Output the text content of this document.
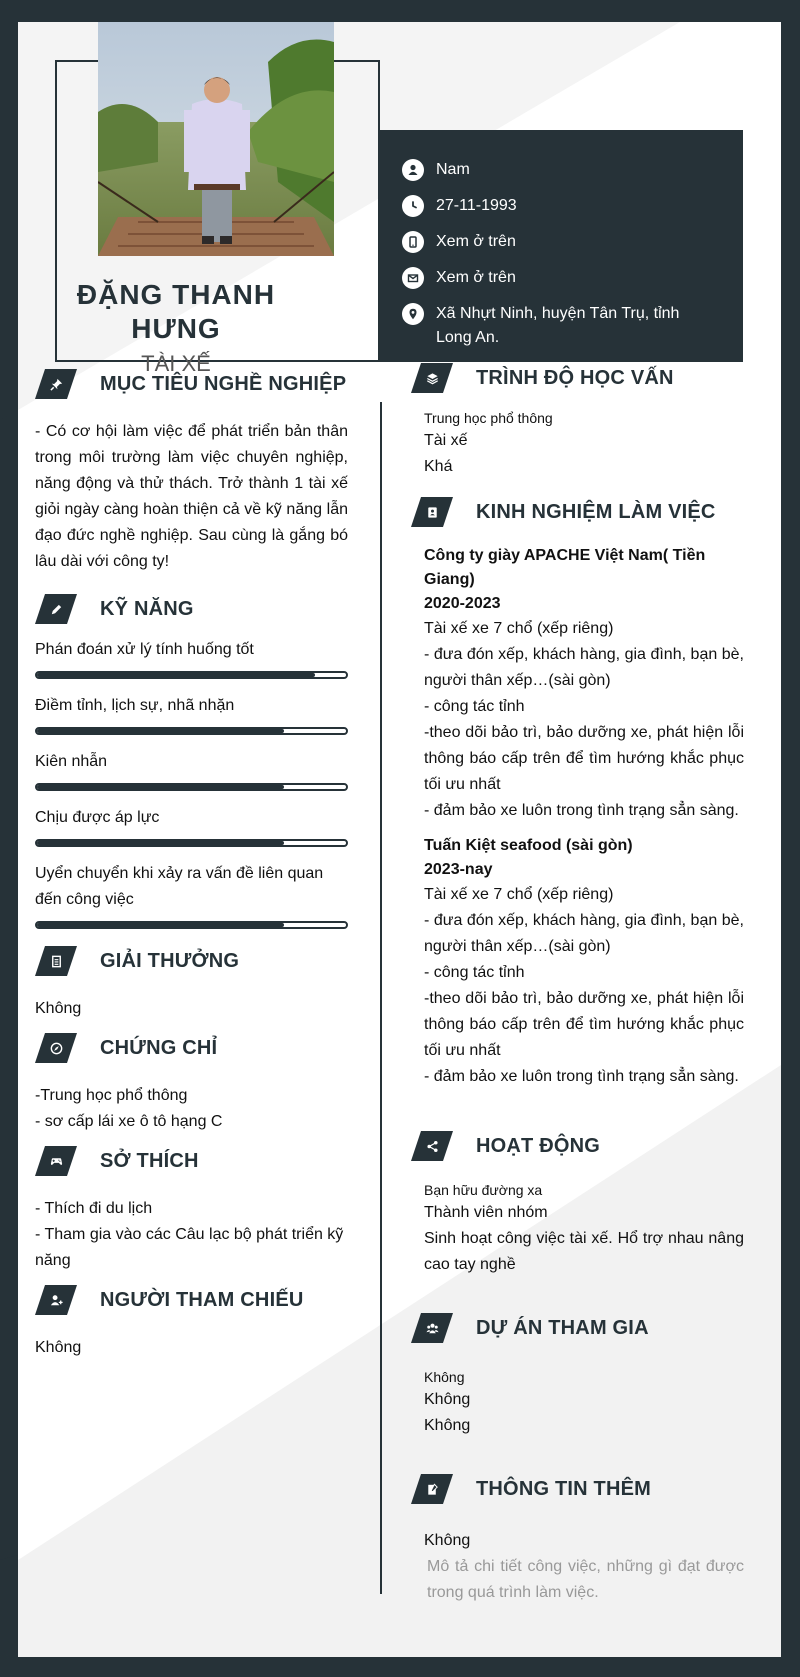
ĐẶNG THANH HƯNG
TÀI XẾ
Nam
27-11-1993
Xem ở trên
Xem ở trên
Xã Nhựt Ninh, huyện Tân Trụ, tỉnh Long An.
MỤC TIÊU NGHỀ NGHIỆP

- Có cơ hội làm việc để phát triển bản thân trong môi trường làm việc chuyên nghiệp, năng động và thử thách. Trở thành 1 tài xế giỏi ngày càng hoàn thiện cả về kỹ năng lẫn đạo đức nghề nghiệp. Sau cùng là gắng bó lâu dài với công ty!

KỸ NĂNG
Phán đoán xử lý tính huống tốt
Điềm tỉnh, lịch sự, nhã nhặn
Kiên nhẫn
Chịu được áp lực
Uyển chuyển khi xảy ra vấn đề liên quan đến công việc
GIẢI THƯỞNG

Không

CHỨNG CHỈ

-Trung học phổ thông

- sơ cấp lái xe ô tô hạng C

SỞ THÍCH

- Thích đi du lịch

- Tham gia vào các Câu lạc bộ phát triển kỹ năng

NGƯỜI THAM CHIẾU

Không

TRÌNH ĐỘ HỌC VẤN

Trung học phổ thông

Tài xế

Khá

KINH NGHIỆM LÀM VIỆC

Công ty giày APACHE Việt Nam( Tiền Giang)

2020-2023

Tài xế xe 7 chổ (xếp riêng)

- đưa đón xếp, khách hàng, gia đình, bạn bè, người thân xếp…(sài gòn)

- công tác tỉnh

-theo dõi bảo trì, bảo dưỡng xe, phát hiện lỗi thông báo cấp trên để tìm hướng khắc phục tối ưu nhất

- đảm bảo xe luôn trong tình trạng sẳn sàng.

Tuấn Kiệt seafood (sài gòn)

2023-nay

Tài xế xe 7 chổ (xếp riêng)

- đưa đón xếp, khách hàng, gia đình, bạn bè, người thân xếp…(sài gòn)

- công tác tỉnh

-theo dõi bảo trì, bảo dưỡng xe, phát hiện lỗi thông báo cấp trên để tìm hướng khắc phục tối ưu nhất

- đảm bảo xe luôn trong tình trạng sẳn sàng.

HOẠT ĐỘNG

Bạn hữu đường xa

Thành viên nhóm

Sinh hoạt công việc tài xế. Hổ trợ nhau nâng cao tay nghề

DỰ ÁN THAM GIA

Không

Không

Không

THÔNG TIN THÊM

Không

Mô tả chi tiết công việc, những gì đạt được trong quá trình làm việc.
